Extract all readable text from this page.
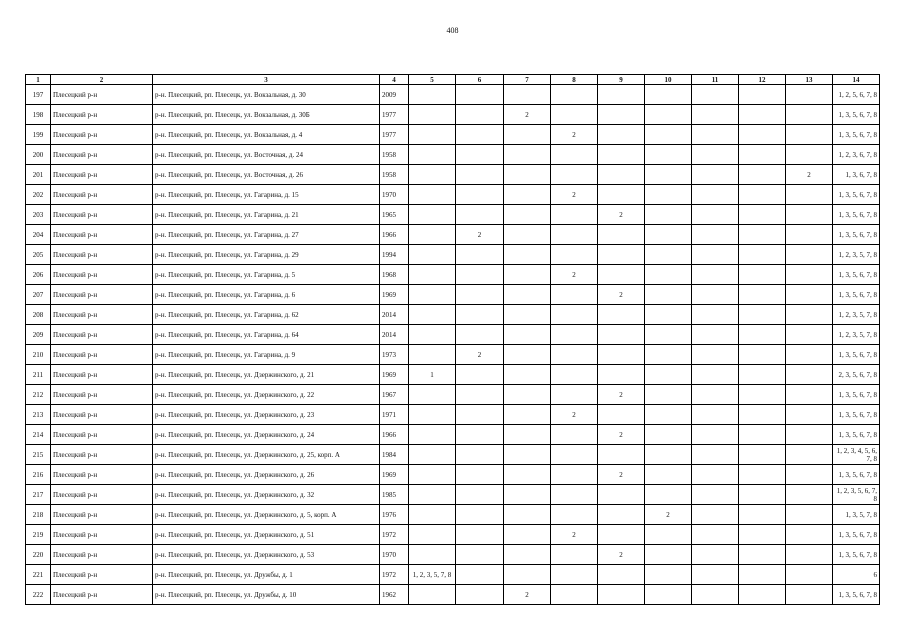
408
1	2	3	4	5	6	7	8	9	10	11	12	13	14
197	Плесецкий р-н	р-н. Плесецкий, рп. Плесецк, ул. Вокзальная, д. 30	2009										1, 2, 5, 6, 7, 8
198	Плесецкий р-н	р-н. Плесецкий, рп. Плесецк, ул. Вокзальная, д. 30Б	1977			2							1, 3, 5, 6, 7, 8
199	Плесецкий р-н	р-н. Плесецкий, рп. Плесецк, ул. Вокзальная, д. 4	1977				2						1, 3, 5, 6, 7, 8
200	Плесецкий р-н	р-н. Плесецкий, рп. Плесецк, ул. Восточная, д. 24	1958										1, 2, 3, 6, 7, 8
201	Плесецкий р-н	р-н. Плесецкий, рп. Плесецк, ул. Восточная, д. 26	1958									2	1, 3, 6, 7, 8
202	Плесецкий р-н	р-н. Плесецкий, рп. Плесецк, ул. Гагарина, д. 15	1970				2						1, 3, 5, 6, 7, 8
203	Плесецкий р-н	р-н. Плесецкий, рп. Плесецк, ул. Гагарина, д. 21	1965					2					1, 3, 5, 6, 7, 8
204	Плесецкий р-н	р-н. Плесецкий, рп. Плесецк, ул. Гагарина, д. 27	1966		2								1, 3, 5, 6, 7, 8
205	Плесецкий р-н	р-н. Плесецкий, рп. Плесецк, ул. Гагарина, д. 29	1994										1, 2, 3, 5, 7, 8
206	Плесецкий р-н	р-н. Плесецкий, рп. Плесецк, ул. Гагарина, д. 5	1968				2						1, 3, 5, 6, 7, 8
207	Плесецкий р-н	р-н. Плесецкий, рп. Плесецк, ул. Гагарина, д. 6	1969					2					1, 3, 5, 6, 7, 8
208	Плесецкий р-н	р-н. Плесецкий, рп. Плесецк, ул. Гагарина, д. 62	2014										1, 2, 3, 5, 7, 8
209	Плесецкий р-н	р-н. Плесецкий, рп. Плесецк, ул. Гагарина, д. 64	2014										1, 2, 3, 5, 7, 8
210	Плесецкий р-н	р-н. Плесецкий, рп. Плесецк, ул. Гагарина, д. 9	1973		2								1, 3, 5, 6, 7, 8
211	Плесецкий р-н	р-н. Плесецкий, рп. Плесецк, ул. Дзержинского, д. 21	1969	1									2, 3, 5, 6, 7, 8
212	Плесецкий р-н	р-н. Плесецкий, рп. Плесецк, ул. Дзержинского, д. 22	1967					2					1, 3, 5, 6, 7, 8
213	Плесецкий р-н	р-н. Плесецкий, рп. Плесецк, ул. Дзержинского, д. 23	1971				2						1, 3, 5, 6, 7, 8
214	Плесецкий р-н	р-н. Плесецкий, рп. Плесецк, ул. Дзержинского, д. 24	1966					2					1, 3, 5, 6, 7, 8
215	Плесецкий р-н	р-н. Плесецкий, рп. Плесецк, ул. Дзержинского, д. 25, корп. А	1984										1, 2, 3, 4, 5, 6, 7, 8
216	Плесецкий р-н	р-н. Плесецкий, рп. Плесецк, ул. Дзержинского, д. 26	1969					2					1, 3, 5, 6, 7, 8
217	Плесецкий р-н	р-н. Плесецкий, рп. Плесецк, ул. Дзержинского, д. 32	1985										1, 2, 3, 5, 6, 7, 8
218	Плесецкий р-н	р-н. Плесецкий, рп. Плесецк, ул. Дзержинского, д. 5, корп. А	1976						2				1, 3, 5, 7, 8
219	Плесецкий р-н	р-н. Плесецкий, рп. Плесецк, ул. Дзержинского, д. 51	1972				2						1, 3, 5, 6, 7, 8
220	Плесецкий р-н	р-н. Плесецкий, рп. Плесецк, ул. Дзержинского, д. 53	1970					2					1, 3, 5, 6, 7, 8
221	Плесецкий р-н	р-н. Плесецкий, рп. Плесецк, ул. Дружбы, д. 1	1972	1, 2, 3, 5, 7, 8									6
222	Плесецкий р-н	р-н. Плесецкий, рп. Плесецк, ул. Дружбы, д. 10	1962			2							1, 3, 5, 6, 7, 8
